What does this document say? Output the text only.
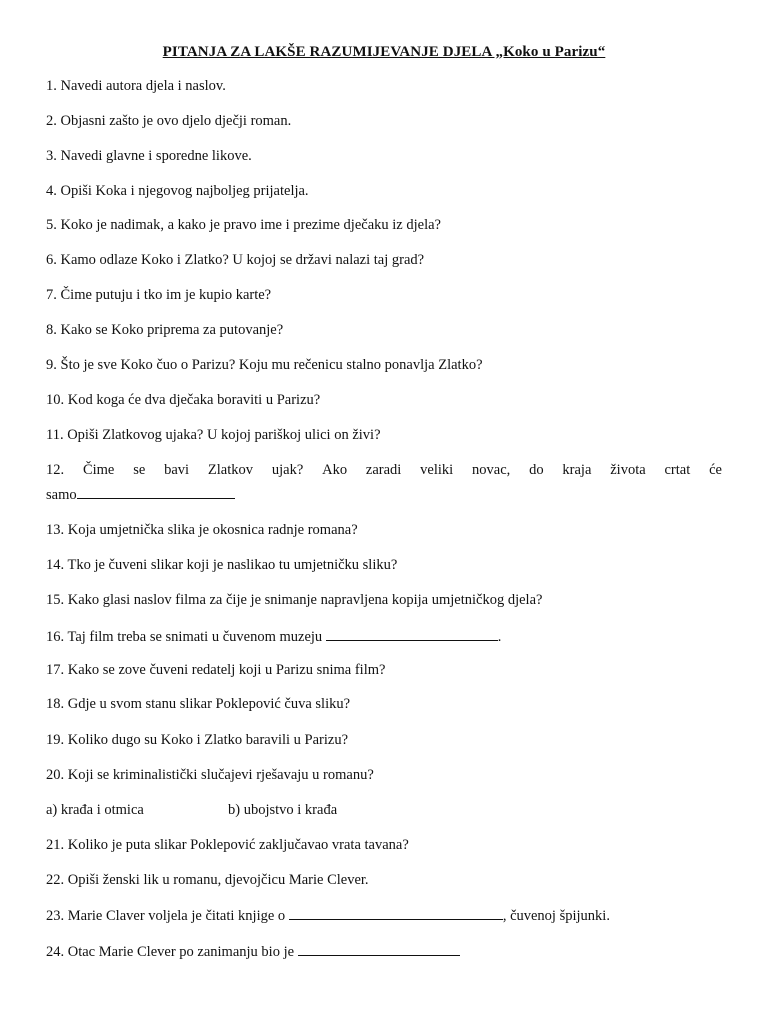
PITANJA ZA LAKŠE RAZUMIJEVANJE DJELA „Koko u Parizu“
1. Navedi autora djela i naslov.
2. Objasni zašto je ovo djelo dječji roman.
3. Navedi glavne i sporedne likove.
4. Opiši Koka i njegovog najboljeg prijatelja.
5. Koko je nadimak, a kako je pravo ime i prezime dječaku iz djela?
6. Kamo odlaze Koko i Zlatko? U kojoj se državi nalazi taj grad?
7. Čime putuju i tko im je kupio karte?
8. Kako se Koko priprema za putovanje?
9. Što je sve Koko čuo o Parizu? Koju mu rečenicu stalno ponavlja Zlatko?
10. Kod koga će dva dječaka boraviti u Parizu?
11. Opiši Zlatkovog ujaka? U kojoj pariškoj ulici on živi?
12. Čime se bavi Zlatkov ujak? Ako zaradi veliki novac, do kraja života crtat će
samo
13. Koja umjetnička slika je okosnica radnje romana?
14. Tko je čuveni slikar koji je naslikao tu umjetničku sliku?
15. Kako glasi naslov filma za čije je snimanje napravljena kopija umjetničkog djela?
16. Taj film treba se snimati u čuvenom muzeju	.
17. Kako se zove čuveni redatelj koji u Parizu snima film?
18. Gdje u svom stanu slikar Poklepović čuva sliku?
19. Koliko dugo su Koko i Zlatko baravili u Parizu?
20. Koji se kriminalistički slučajevi rješavaju u romanu?
a) krađa i otmica	b) ubojstvo i krađa
21. Koliko je puta slikar Poklepović zaključavao vrata tavana?
22. Opiši ženski lik u romanu, djevojčicu Marie Clever.
23. Marie Claver voljela je čitati knjige o	, čuvenoj špijunki.
24. Otac Marie Clever po zanimanju bio je
